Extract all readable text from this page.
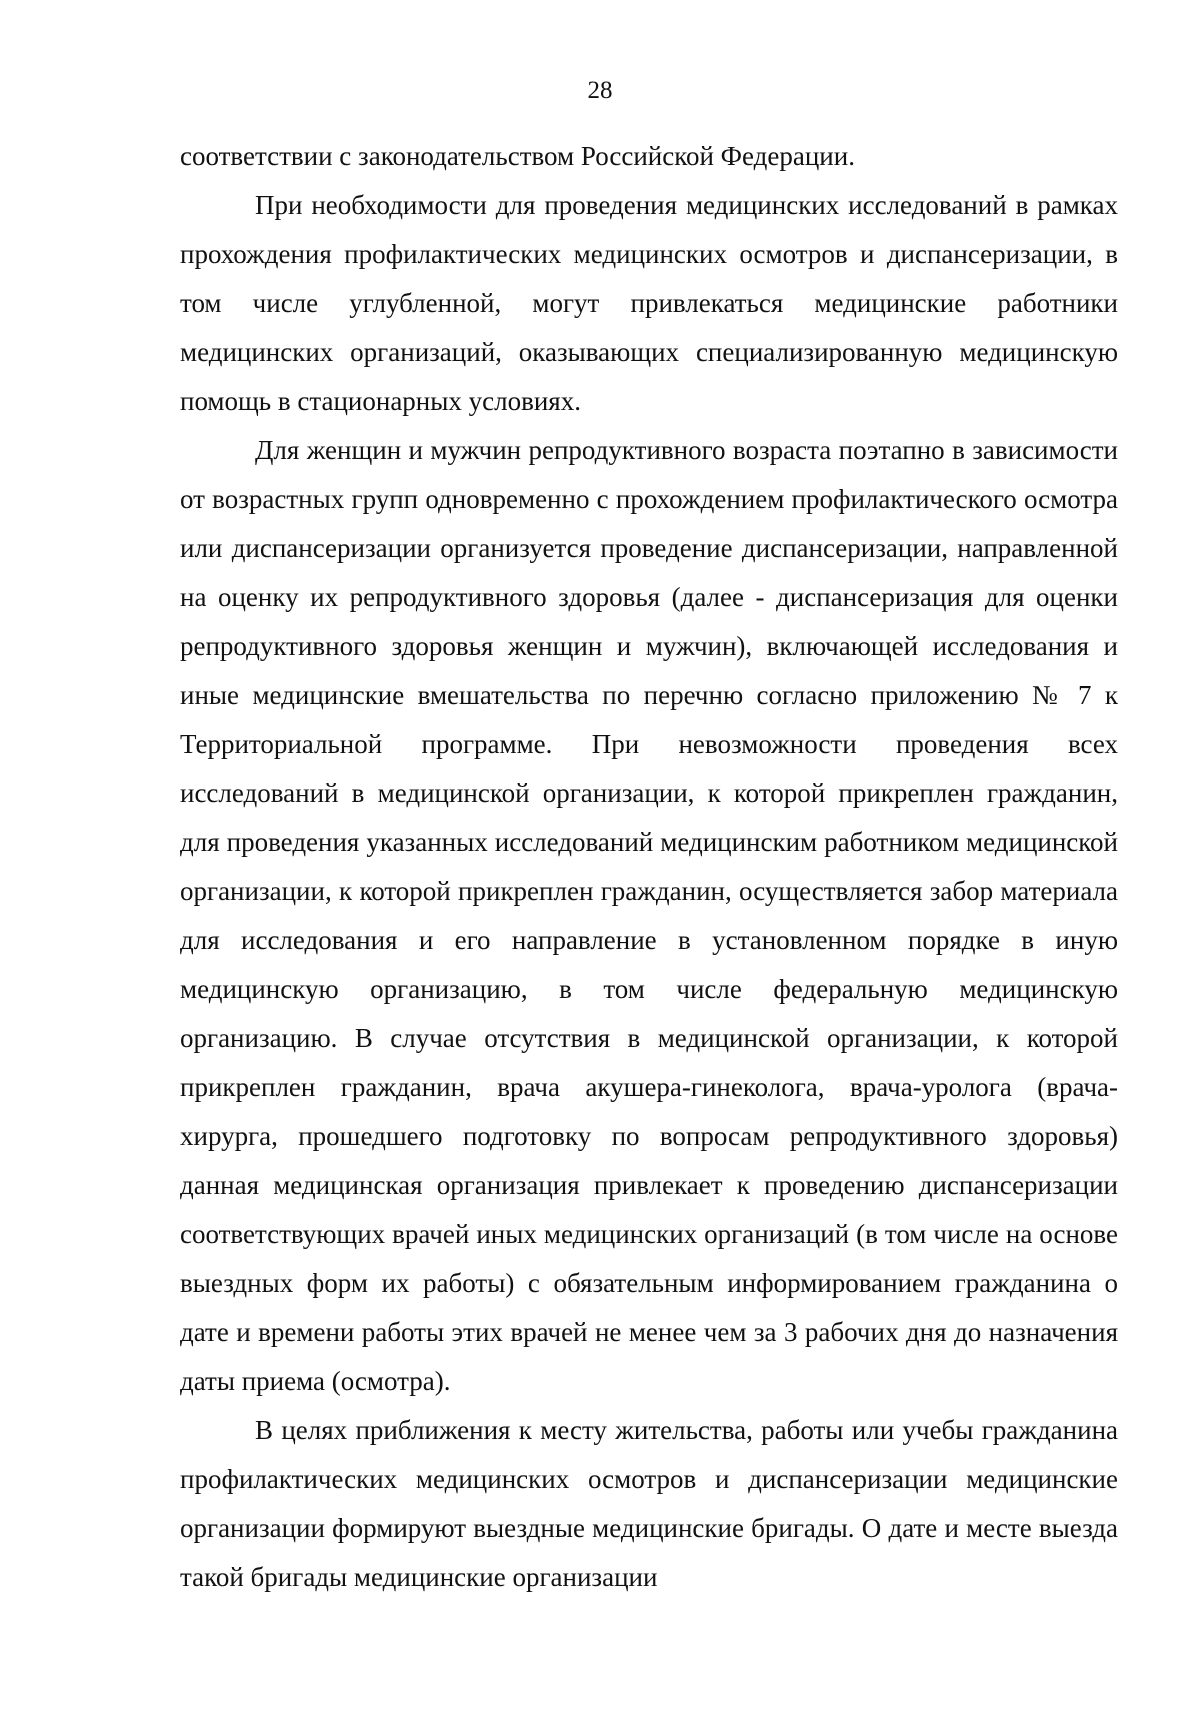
28

соответствии с законодательством Российской Федерации.

При необходимости для проведения медицинских исследований в рамках прохождения профилактических медицинских осмотров и диспансеризации, в том числе углубленной, могут привлекаться медицинские работники медицинских организаций, оказывающих специализированную медицинскую помощь в стационарных условиях.

Для женщин и мужчин репродуктивного возраста поэтапно в зависимости от возрастных групп одновременно с прохождением профилактического осмотра или диспансеризации организуется проведение диспансеризации, направленной на оценку их репродуктивного здоровья (далее - диспансеризация для оценки репродуктивного здоровья женщин и мужчин), включающей исследования и иные медицинские вмешательства по перечню согласно приложению № 7 к Территориальной программе. При невозможности проведения всех исследований в медицинской организации, к которой прикреплен гражданин, для проведения указанных исследований медицинским работником медицинской организации, к которой прикреплен гражданин, осуществляется забор материала для исследования и его направление в установленном порядке в иную медицинскую организацию, в том числе федеральную медицинскую организацию. В случае отсутствия в медицинской организации, к которой прикреплен гражданин, врача акушера-гинеколога, врача-уролога (врача-хирурга, прошедшего подготовку по вопросам репродуктивного здоровья) данная медицинская организация привлекает к проведению диспансеризации соответствующих врачей иных медицинских организаций (в том числе на основе выездных форм их работы) с обязательным информированием гражданина о дате и времени работы этих врачей не менее чем за 3 рабочих дня до назначения даты приема (осмотра).

В целях приближения к месту жительства, работы или учебы гражданина профилактических медицинских осмотров и диспансеризации медицинские организации формируют выездные медицинские бригады. О дате и месте выезда такой бригады медицинские организации
